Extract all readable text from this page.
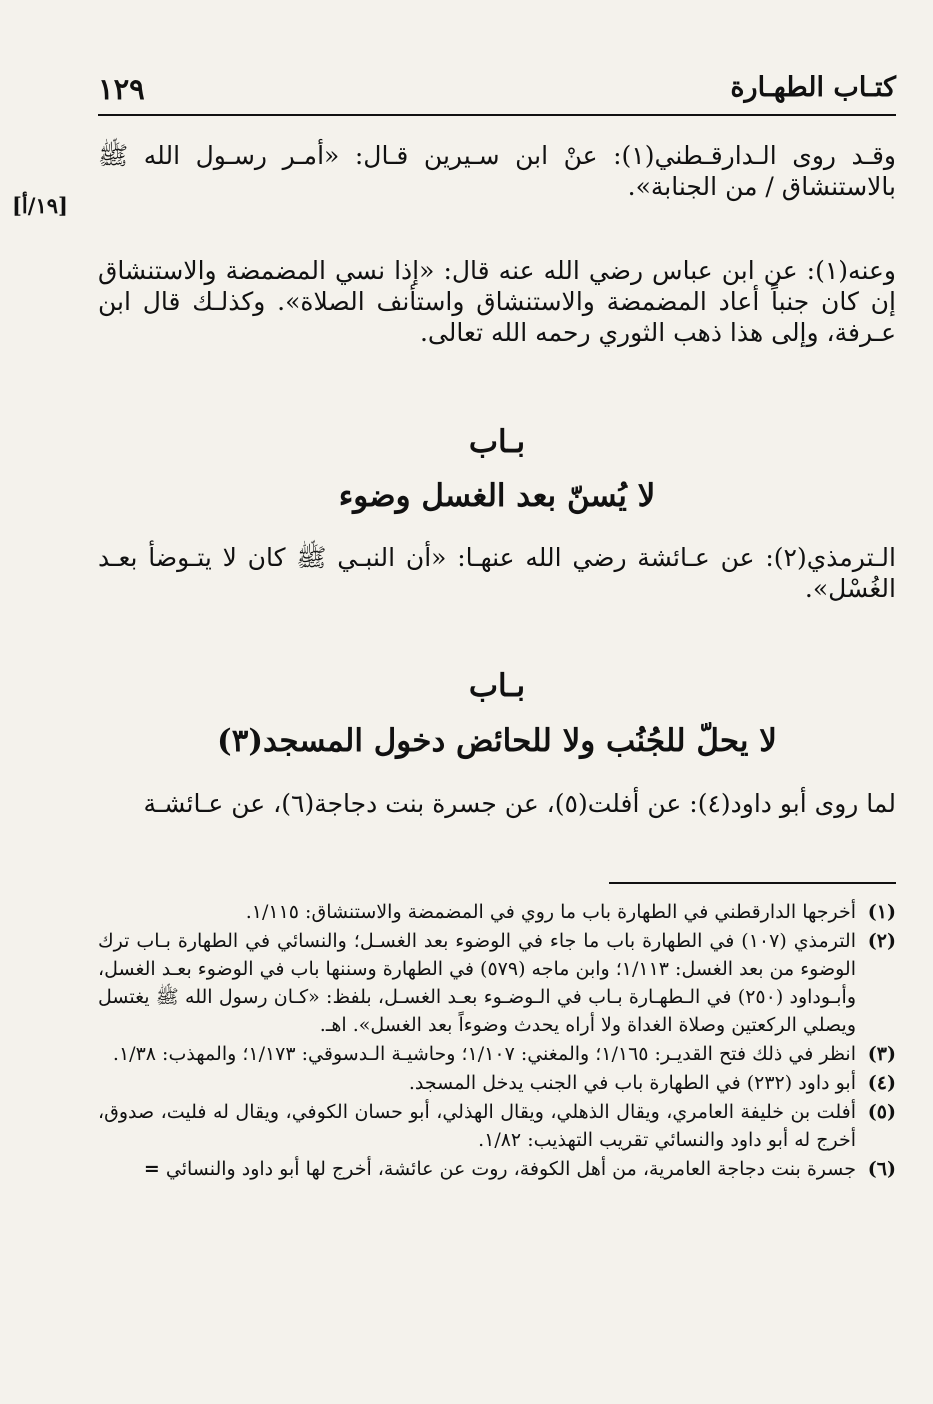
١٢٩	كتـاب الطهـارة
[١٩/أ]

وقـد روى الـدارقـطني(١): عنْ ابن سـيرين قـال: «أمـر رسـول الله ﷺ بالاستنشاق / من الجنابة».

وعنه(١): عن ابن عباس رضي الله عنه قال: «إذا نسي المضمضة والاستنشاق إن كان جنباً أعاد المضمضة والاستنشاق واستأنف الصلاة». وكذلـك قال ابن عـرفة، وإلى هذا ذهب الثوري رحمه الله تعالى.

بـاب
لا يُسنّ بعد الغسل وضوء

الـترمذي(٢): عن عـائشة رضي الله عنهـا: «أن النبـي ﷺ كان لا يتـوضأ بعـد الغُسْل».

بـاب
لا يحلّ للجُنُب ولا للحائض دخول المسجد(٣)

لما روى أبو داود(٤): عن أفلت(٥)، عن جسرة بنت دجاجة(٦)، عن عـائشـة

(١)
أخرجها الدارقطني في الطهارة باب ما روي في المضمضة والاستنشاق: ١/١١٥.
(٢)
الترمذي (١٠٧) في الطهارة باب ما جاء في الوضوء بعد الغسـل؛ والنسائي في الطهارة بـاب ترك الوضوء من بعد الغسل: ١/١١٣؛ وابن ماجه (٥٧٩) في الطهارة وسننها باب في الوضوء بعـد الغسل، وأبـوداود (٢٥٠) في الـطهـارة بـاب في الـوضـوء بعـد الغسـل، بلفظ: «كـان رسول الله ﷺ يغتسل ويصلي الركعتين وصلاة الغداة ولا أراه يحدث وضوءاً بعد الغسل». اهـ.
(٣)
انظر في ذلك فتح القديـر: ١/١٦٥؛ والمغني: ١/١٠٧؛ وحاشيـة الـدسوقي: ١/١٧٣؛ والمهذب: ١/٣٨.
(٤)
أبو داود (٢٣٢) في الطهارة باب في الجنب يدخل المسجد.
(٥)
أفلت بن خليفة العامري، ويقال الذهلي، ويقال الهذلي، أبو حسان الكوفي، ويقال له فليت، صدوق، أخرج له أبو داود والنسائي تقريب التهذيب: ١/٨٢.
(٦)
جسرة بنت دجاجة العامرية، من أهل الكوفة، روت عن عائشة، أخرج لها أبو داود والنسائي =
